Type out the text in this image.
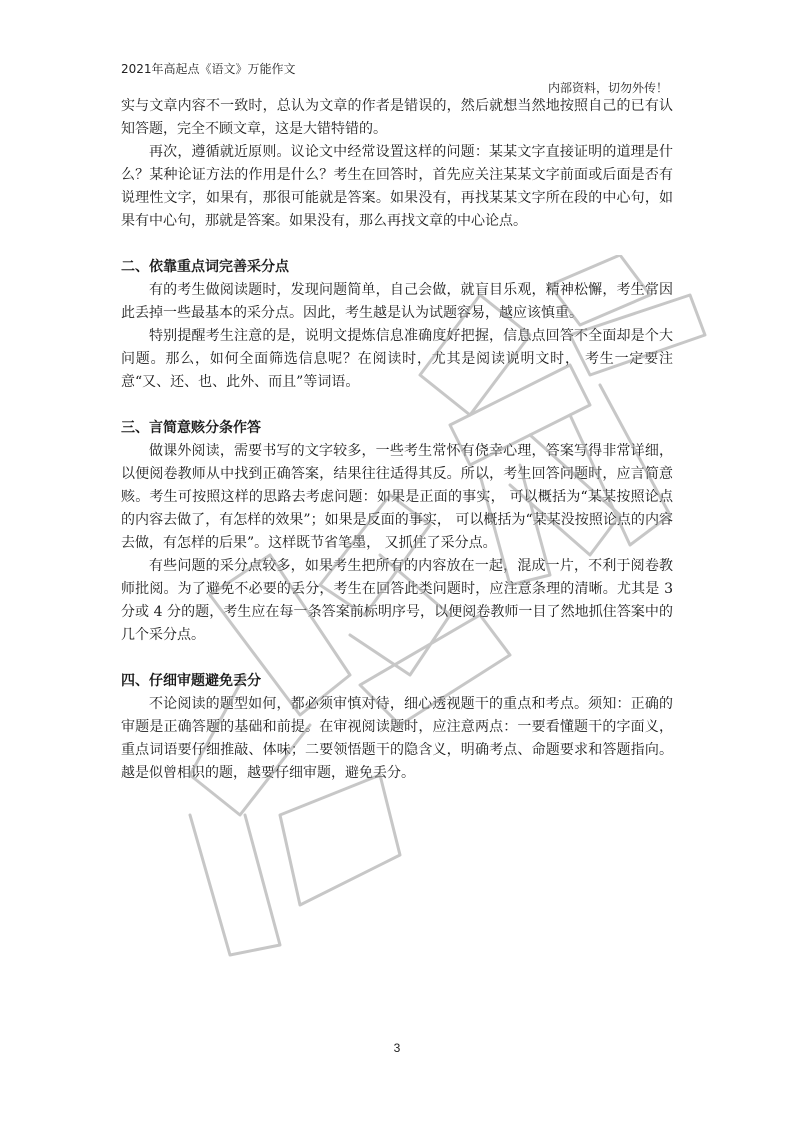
2021年高起点《语文》万能作文
内部资料，切勿外传！

实与文章内容不一致时，总认为文章的作者是错误的，然后就想当然地按照自己的已有认知答题，完全不顾文章，这是大错特错的。

再次，遵循就近原则。议论文中经常设置这样的问题：某某文字直接证明的道理是什么？某种论证方法的作用是什么？考生在回答时，首先应关注某某文字前面或后面是否有说理性文字，如果有，那很可能就是答案。如果没有，再找某某文字所在段的中心句，如果有中心句，那就是答案。如果没有，那么再找文章的中心论点。

二、依靠重点词完善采分点

有的考生做阅读题时，发现问题简单，自己会做，就盲目乐观，精神松懈，考生常因此丢掉一些最基本的采分点。因此，考生越是认为试题容易，越应该慎重。

特别提醒考生注意的是，说明文提炼信息准确度好把握，信息点回答不全面却是个大问题。那么，如何全面筛选信息呢？在阅读时，尤其是阅读说明文时， 考生一定要注意“又、还、也、此外、而且”等词语。

三、言简意赅分条作答

做课外阅读，需要书写的文字较多，一些考生常怀有侥幸心理，答案写得非常详细，以便阅卷教师从中找到正确答案，结果往往适得其反。所以，考生回答问题时，应言简意赅。考生可按照这样的思路去考虑问题：如果是正面的事实， 可以概括为“某某按照论点的内容去做了，有怎样的效果”；如果是反面的事实， 可以概括为“某某没按照论点的内容去做，有怎样的后果”。这样既节省笔墨， 又抓住了采分点。

有些问题的采分点较多，如果考生把所有的内容放在一起，混成一片，不利于阅卷教师批阅。为了避免不必要的丢分，考生在回答此类问题时，应注意条理的清晰。尤其是 3 分或 4 分的题，考生应在每一条答案前标明序号，以便阅卷教师一目了然地抓住答案中的几个采分点。

四、仔细审题避免丢分

不论阅读的题型如何，都必须审慎对待，细心透视题干的重点和考点。须知：正确的审题是正确答题的基础和前提。在审视阅读题时，应注意两点：一要看懂题干的字面义，重点词语要仔细推敲、体味；二要领悟题干的隐含义，明确考点、命题要求和答题指向。越是似曾相识的题，越要仔细审题，避免丢分。

3
